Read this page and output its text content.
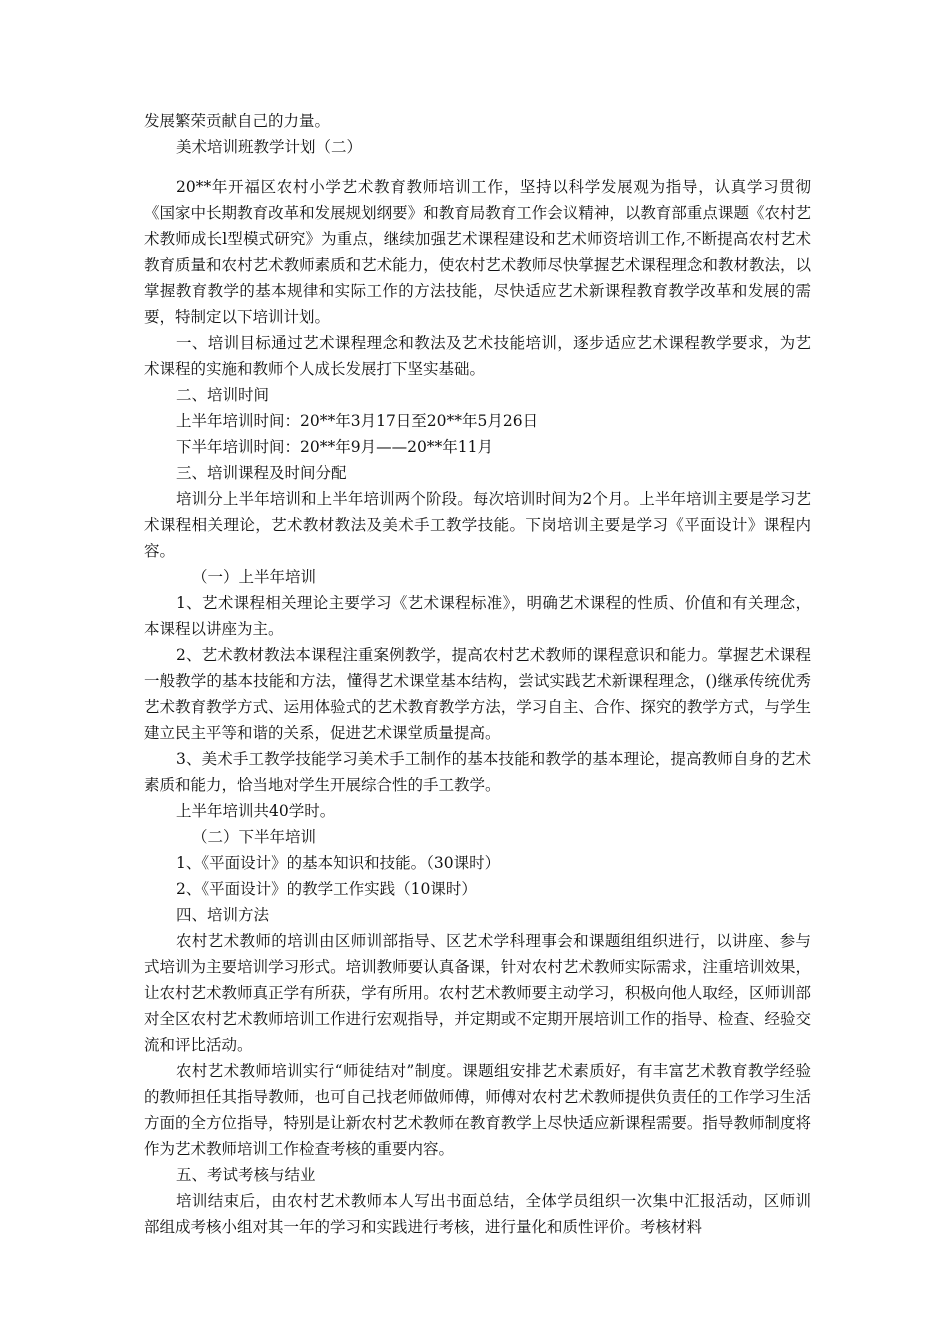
发展繁荣贡献自己的力量。

美术培训班教学计划（二）

20**年开福区农村小学艺术教育教师培训工作，坚持以科学发展观为指导，认真学习贯彻《国家中长期教育改革和发展规划纲要》和教育局教育工作会议精神，以教育部重点课题《农村艺术教师成长l型模式研究》为重点，继续加强艺术课程建设和艺术师资培训工作,不断提高农村艺术教育质量和农村艺术教师素质和艺术能力，使农村艺术教师尽快掌握艺术课程理念和教材教法，以掌握教育教学的基本规律和实际工作的方法技能，尽快适应艺术新课程教育教学改革和发展的需要，特制定以下培训计划。

一、培训目标通过艺术课程理念和教法及艺术技能培训，逐步适应艺术课程教学要求，为艺术课程的实施和教师个人成长发展打下坚实基础。

二、培训时间

上半年培训时间：20**年3月17日至20**年5月26日

下半年培训时间：20**年9月——20**年11月

三、培训课程及时间分配

培训分上半年培训和上半年培训两个阶段。每次培训时间为2个月。上半年培训主要是学习艺术课程相关理论，艺术教材教法及美术手工教学技能。下岗培训主要是学习《平面设计》课程内容。

（一）上半年培训

1、艺术课程相关理论主要学习《艺术课程标准》，明确艺术课程的性质、价值和有关理念，本课程以讲座为主。

2、艺术教材教法本课程注重案例教学，提高农村艺术教师的课程意识和能力。掌握艺术课程一般教学的基本技能和方法，懂得艺术课堂基本结构，尝试实践艺术新课程理念，()继承传统优秀艺术教育教学方式、运用体验式的艺术教育教学方法，学习自主、合作、探究的教学方式，与学生建立民主平等和谐的关系，促进艺术课堂质量提高。

3、美术手工教学技能学习美术手工制作的基本技能和教学的基本理论，提高教师自身的艺术素质和能力，恰当地对学生开展综合性的手工教学。

上半年培训共40学时。

（二）下半年培训

1、《平面设计》的基本知识和技能。（30课时）

2、《平面设计》的教学工作实践（10课时）

四、培训方法

农村艺术教师的培训由区师训部指导、区艺术学科理事会和课题组组织进行，以讲座、参与式培训为主要培训学习形式。培训教师要认真备课，针对农村艺术教师实际需求，注重培训效果，让农村艺术教师真正学有所获，学有所用。农村艺术教师要主动学习，积极向他人取经，区师训部对全区农村艺术教师培训工作进行宏观指导，并定期或不定期开展培训工作的指导、检查、经验交流和评比活动。

农村艺术教师培训实行“师徒结对”制度。课题组安排艺术素质好，有丰富艺术教育教学经验的教师担任其指导教师，也可自己找老师做师傅，师傅对农村艺术教师提供负责任的工作学习生活方面的全方位指导，特别是让新农村艺术教师在教育教学上尽快适应新课程需要。指导教师制度将作为艺术教师培训工作检查考核的重要内容。

五、考试考核与结业

培训结束后，由农村艺术教师本人写出书面总结，全体学员组织一次集中汇报活动，区师训部组成考核小组对其一年的学习和实践进行考核，进行量化和质性评价。考核材料
